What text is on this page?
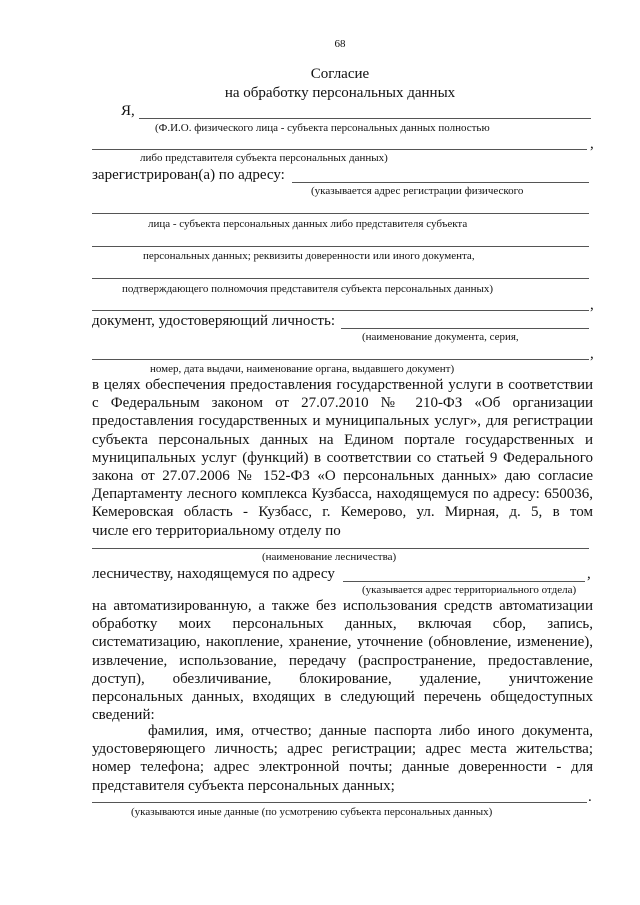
68
Согласие
на обработку персональных данных
Я,
(Ф.И.О. физического лица - субъекта персональных данных полностью
,
либо представителя субъекта персональных данных)
зарегистрирован(а) по адресу:
(указывается адрес регистрации физического
лица - субъекта персональных данных либо представителя субъекта
персональных данных; реквизиты доверенности или иного документа,
подтверждающего полномочия представителя субъекта персональных данных)
,
документ, удостоверяющий личность:
(наименование документа, серия,
,
номер, дата выдачи, наименование органа, выдавшего документ)
в целях обеспечения предоставления государственной услуги в соответствии
с Федеральным законом от 27.07.2010 № 210-ФЗ «Об организации
предоставления государственных и муниципальных услуг», для регистрации
субъекта персональных данных на Едином портале государственных и
муниципальных услуг (функций) в соответствии со статьей 9 Федерального
закона от 27.07.2006 № 152-ФЗ «О персональных данных» даю согласие
Департаменту лесного комплекса Кузбасса, находящемуся по адресу: 650036,
Кемеровская область - Кузбасс, г. Кемерово, ул. Мирная, д. 5, в том
числе его территориальному отделу по
(наименование лесничества)
лесничеству, находящемуся по адресу	,
(указывается адрес территориального отдела)
на автоматизированную, а также без использования средств автоматизации
обработку моих персональных данных, включая сбор, запись,
систематизацию, накопление, хранение, уточнение (обновление, изменение),
извлечение, использование, передачу (распространение, предоставление,
доступ), обезличивание, блокирование, удаление, уничтожение
персональных данных, входящих в следующий перечень общедоступных
сведений:
фамилия, имя, отчество; данные паспорта либо иного документа,
удостоверяющего личность; адрес регистрации; адрес места жительства;
номер телефона; адрес электронной почты; данные доверенности - для
представителя субъекта персональных данных;
.
(указываются иные данные (по усмотрению субъекта персональных данных)
